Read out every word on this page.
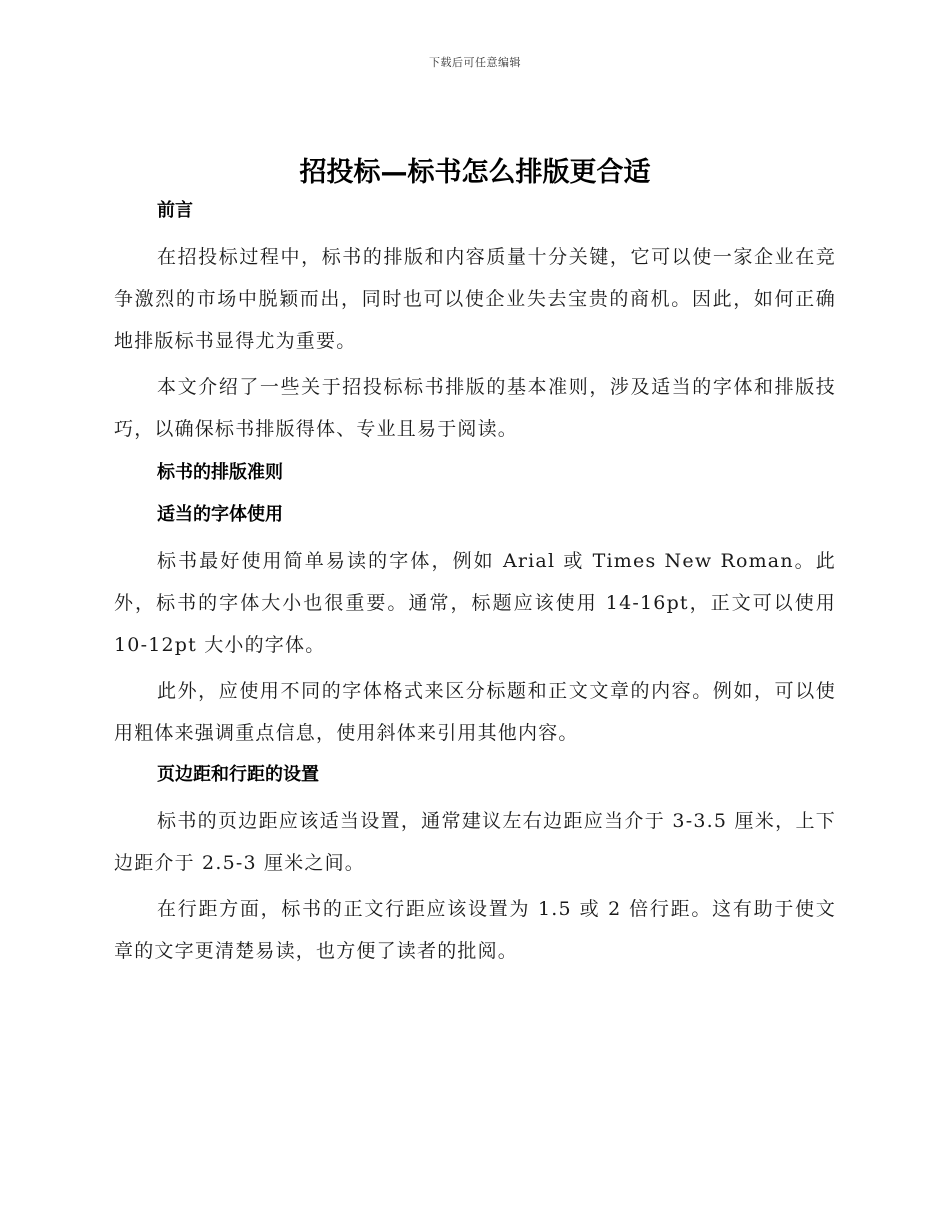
下载后可任意编辑
招投标—标书怎么排版更合适
前言

在招投标过程中，标书的排版和内容质量十分关键，它可以使一家企业在竞争激烈的市场中脱颖而出，同时也可以使企业失去宝贵的商机。因此，如何正确地排版标书显得尤为重要。

本文介绍了一些关于招投标标书排版的基本准则，涉及适当的字体和排版技巧，以确保标书排版得体、专业且易于阅读。

标书的排版准则
适当的字体使用

标书最好使用简单易读的字体，例如 Arial 或 Times New Roman。此外，标书的字体大小也很重要。通常，标题应该使用 14-16pt，正文可以使用 10-12pt 大小的字体。

此外，应使用不同的字体格式来区分标题和正文文章的内容。例如，可以使用粗体来强调重点信息，使用斜体来引用其他内容。

页边距和行距的设置

标书的页边距应该适当设置，通常建议左右边距应当介于 3-3.5 厘米，上下边距介于 2.5-3 厘米之间。

在行距方面，标书的正文行距应该设置为 1.5 或 2 倍行距。这有助于使文章的文字更清楚易读，也方便了读者的批阅。
